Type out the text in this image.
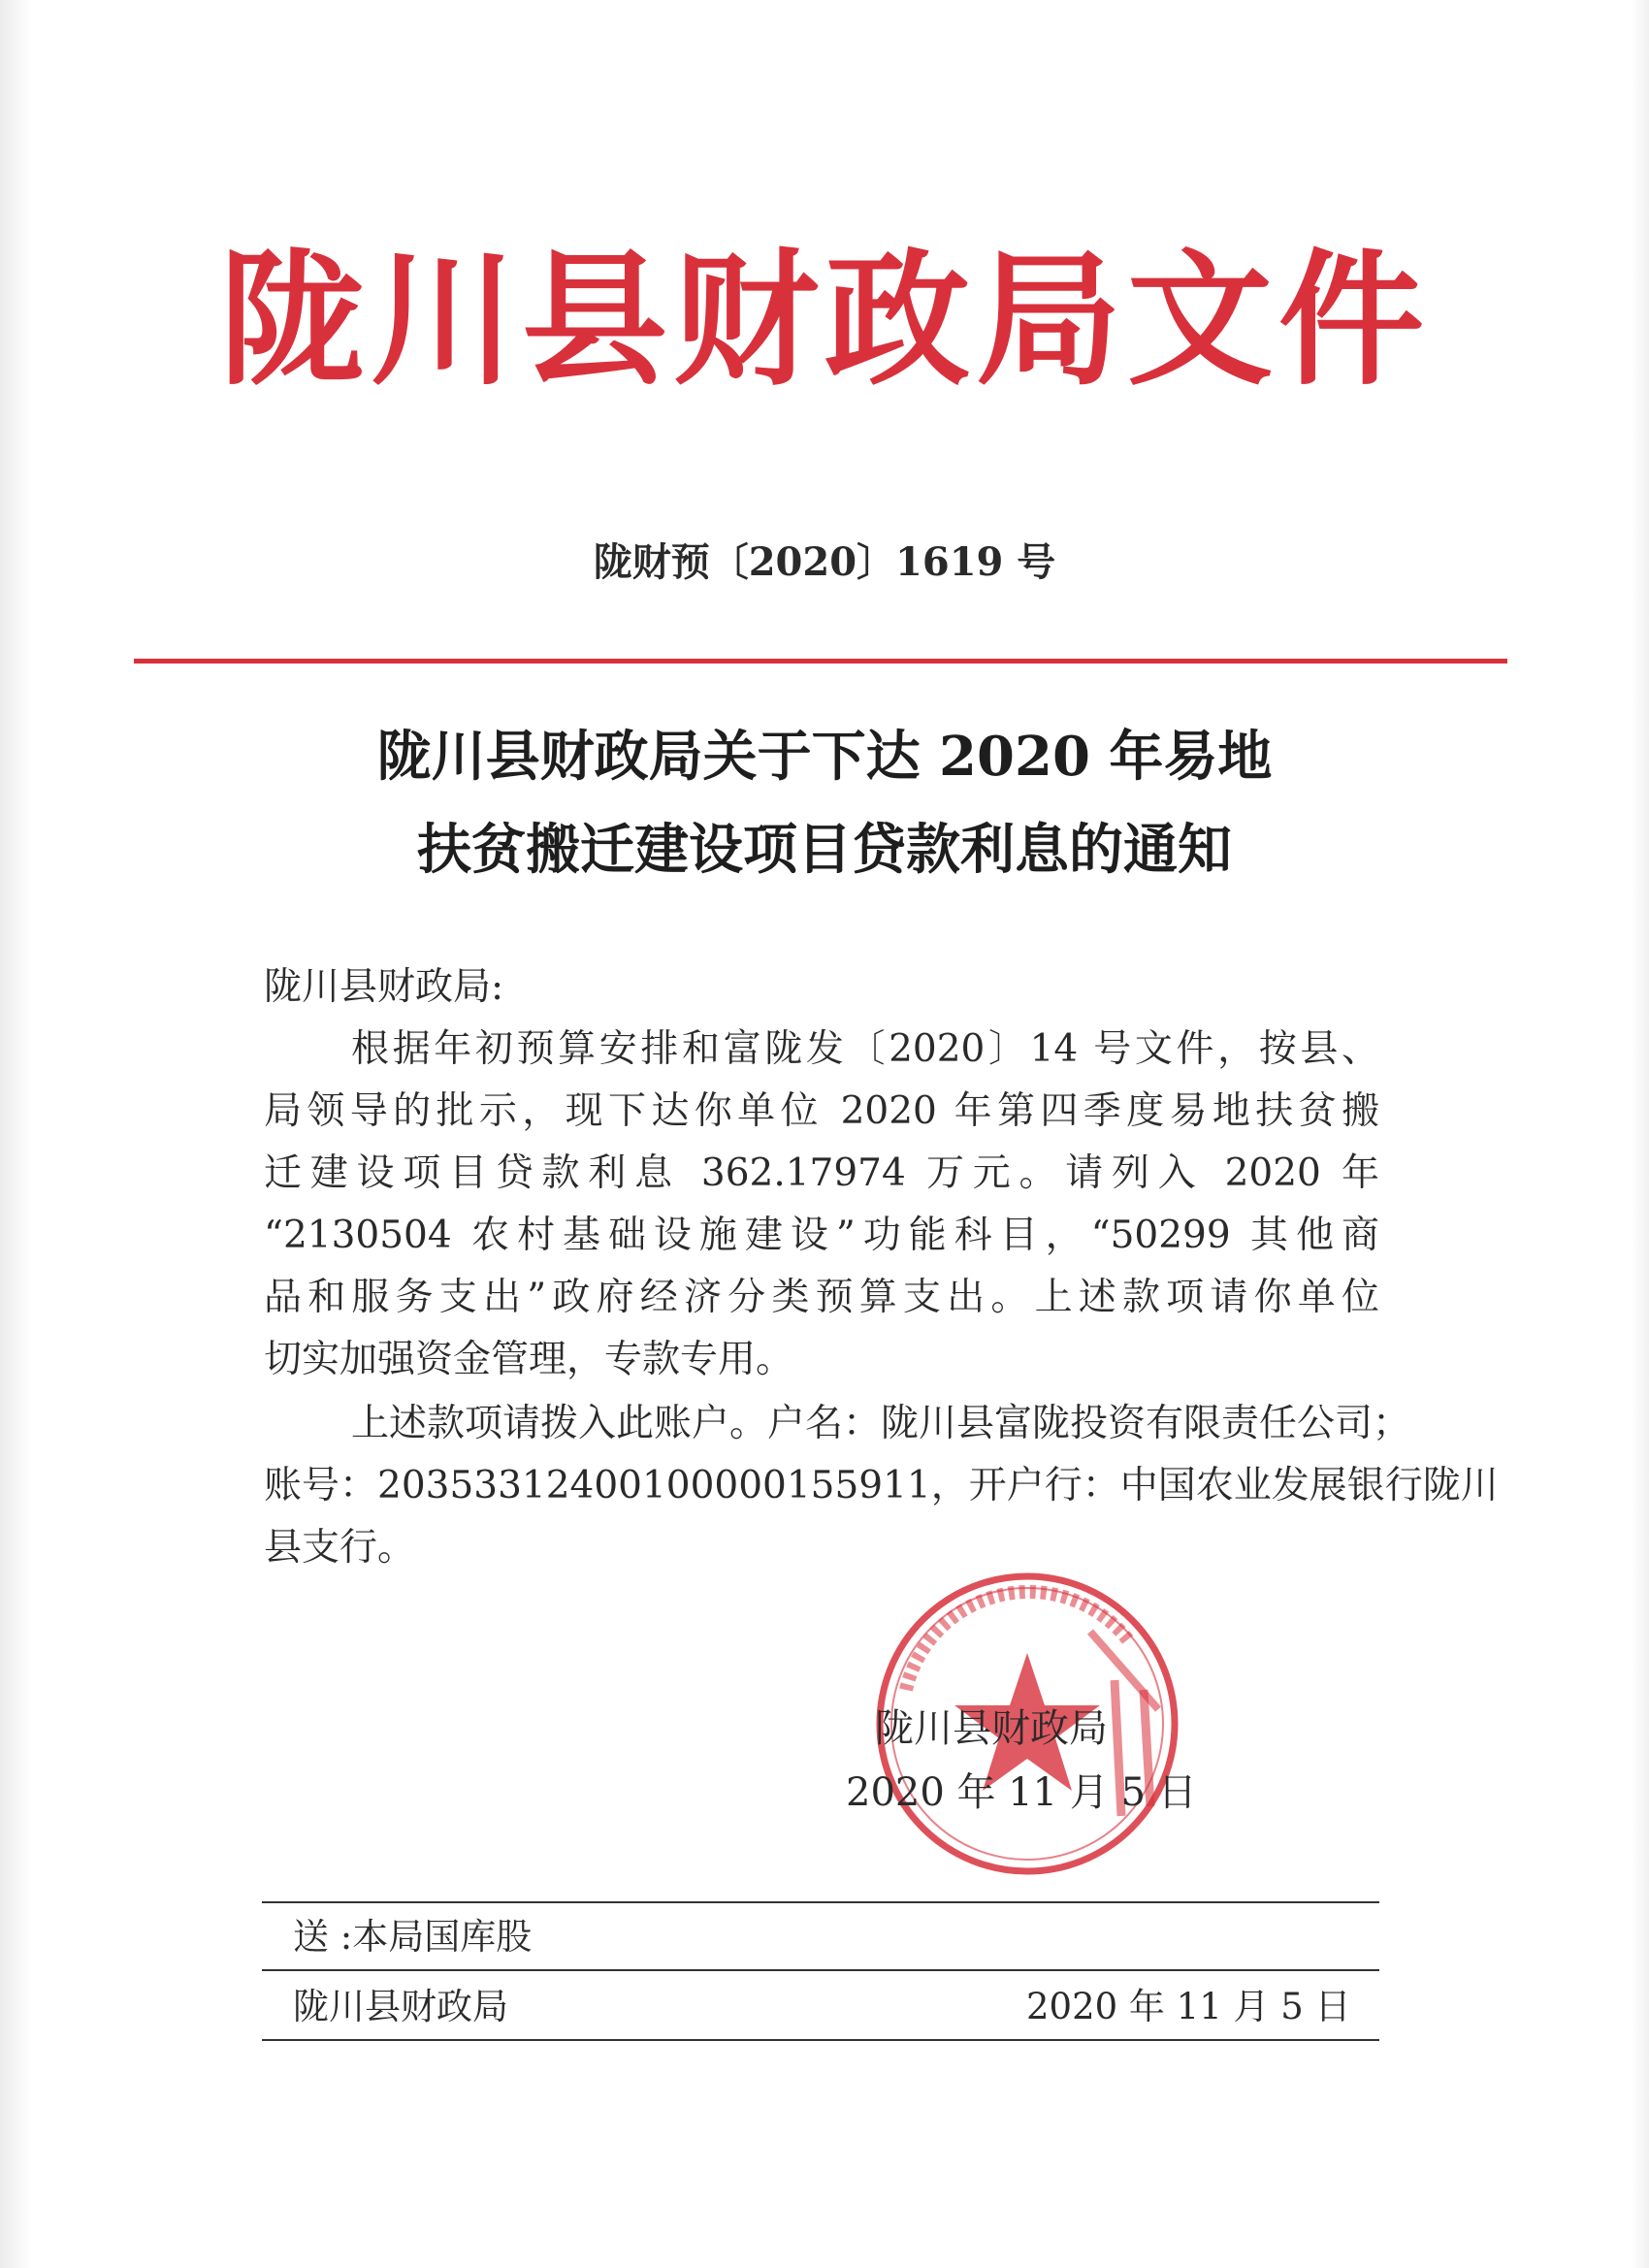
陇川县财政局文件
陇财预〔2020〕1619 号
陇川县财政局关于下达 2020 年易地
扶贫搬迁建设项目贷款利息的通知
陇川县财政局:
根据年初预算安排和富陇发〔2020〕14 号文件，按县、
局领导的批示，现下达你单位 2020 年第四季度易地扶贫搬
迁建设项目贷款利息 362.17974 万元。请列入 2020 年
“2130504 农村基础设施建设”功能科目，“50299 其他商
品和服务支出”政府经济分类预算支出。上述款项请你单位
切实加强资金管理，专款专用。
上述款项请拨入此账户。户名：陇川县富陇投资有限责任公司；
账号：20353312400100000155911，开户行：中国农业发展银行陇川
县支行。
陇川县财政局
2020 年 11 月 5 日
送 :本局国库股
陇川县财政局	2020 年 11 月 5 日
